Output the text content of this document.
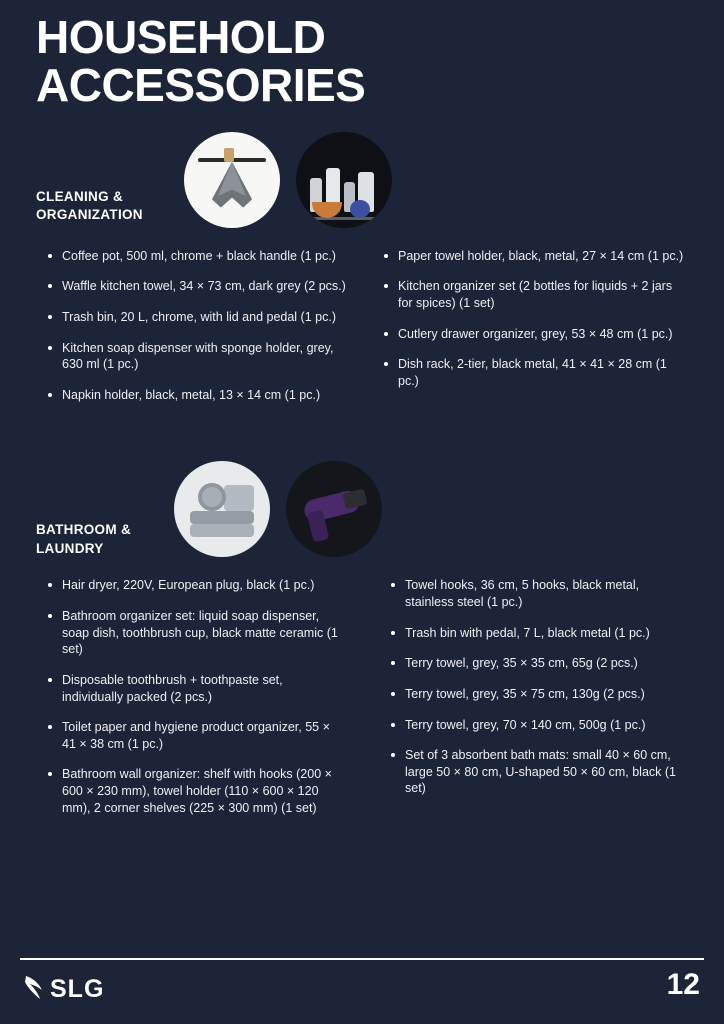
HOUSEHOLD
ACCESSORIES
CLEANING & ORGANIZATION
Coffee pot, 500 ml, chrome + black handle (1 pc.)
Waffle kitchen towel, 34 × 73 cm, dark grey (2 pcs.)
Trash bin, 20 L, chrome, with lid and pedal (1 pc.)
Kitchen soap dispenser with sponge holder, grey, 630 ml (1 pc.)
Napkin holder, black, metal, 13 × 14 cm (1 pc.)
Paper towel holder, black, metal, 27 × 14 cm (1 pc.)
Kitchen organizer set (2 bottles for liquids + 2 jars for spices) (1 set)
Cutlery drawer organizer, grey, 53 × 48 cm (1 pc.)
Dish rack, 2-tier, black metal, 41 × 41 × 28 cm (1 pc.)
BATHROOM & LAUNDRY
Hair dryer, 220V, European plug, black (1 pc.)
Bathroom organizer set: liquid soap dispenser, soap dish, toothbrush cup, black matte ceramic (1 set)
Disposable toothbrush + toothpaste set, individually packed (2 pcs.)
Toilet paper and hygiene product organizer, 55 × 41 × 38 cm (1 pc.)
Bathroom wall organizer: shelf with hooks (200 × 600 × 230 mm), towel holder (110 × 600 × 120 mm), 2 corner shelves (225 × 300 mm) (1 set)
Towel hooks, 36 cm, 5 hooks, black metal, stainless steel (1 pc.)
Trash bin with pedal, 7 L, black metal (1 pc.)
Terry towel, grey, 35 × 35 cm, 65g (2 pcs.)
Terry towel, grey, 35 × 75 cm, 130g (2 pcs.)
Terry towel, grey, 70 × 140 cm, 500g (1 pc.)
Set of 3 absorbent bath mats: small 40 × 60 cm, large 50 × 80 cm, U-shaped 50 × 60 cm, black (1 set)
SLG	12
